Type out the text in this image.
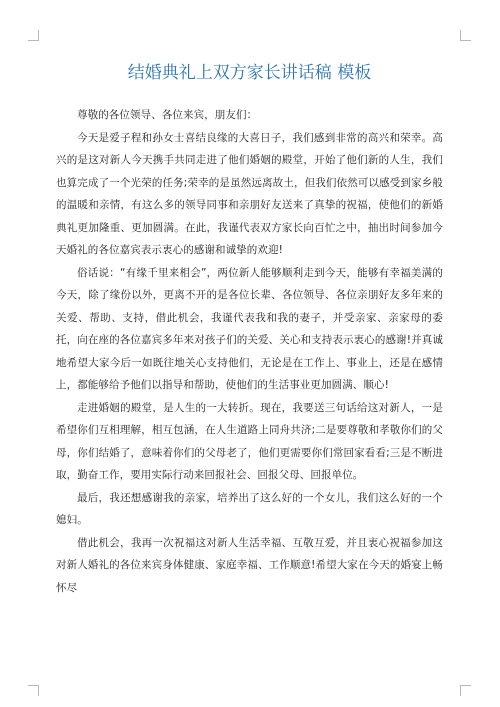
结婚典礼上双方家长讲话稿 模板

尊敬的各位领导、各位来宾，朋友们：

今天是爱子程和孙女士喜结良缘的大喜日子，我们感到非常的高兴和荣幸。高兴的是这对新人今天携手共同走进了他们婚姻的殿堂，开始了他们新的人生，我们也算完成了一个光荣的任务;荣幸的是虽然远离故土，但我们依然可以感受到家乡般的温暖和亲情，有这么多的领导同事和亲朋好友送来了真挚的祝福，使他们的新婚典礼更加隆重、更加圆满。在此，我谨代表双方家长向百忙之中，抽出时间参加今天婚礼的各位嘉宾表示衷心的感谢和诚挚的欢迎!

俗话说：“有缘千里来相会”，两位新人能够顺利走到今天，能够有幸福美满的今天，除了缘份以外，更离不开的是各位长辈、各位领导、各位亲朋好友多年来的关爱、帮助、支持，借此机会，我谨代表我和我的妻子，并受亲家、亲家母的委托，向在座的各位嘉宾多年来对孩子们的关爱、关心和支持表示衷心的感谢!并真诚地希望大家今后一如既往地关心支持他们，无论是在工作上、事业上，还是在感情上，都能够给予他们以指导和帮助，使他们的生活事业更加圆满、顺心!

走进婚姻的殿堂，是人生的一大转折。现在，我要送三句话给这对新人，一是希望你们互相理解，相互包涵，在人生道路上同舟共济;二是要尊敬和孝敬你们的父母，你们结婚了，意味着你们的父母老了，他们更需要你们常回家看看;三是不断进取，勤奋工作，要用实际行动来回报社会、回报父母、回报单位。

最后，我还想感谢我的亲家，培养出了这么好的一个女儿，我们这么好的一个媳妇。

借此机会，我再一次祝福这对新人生活幸福、互敬互爱，并且衷心祝福参加这对新人婚礼的各位来宾身体健康、家庭幸福、工作顺意!希望大家在今天的婚宴上畅怀尽
